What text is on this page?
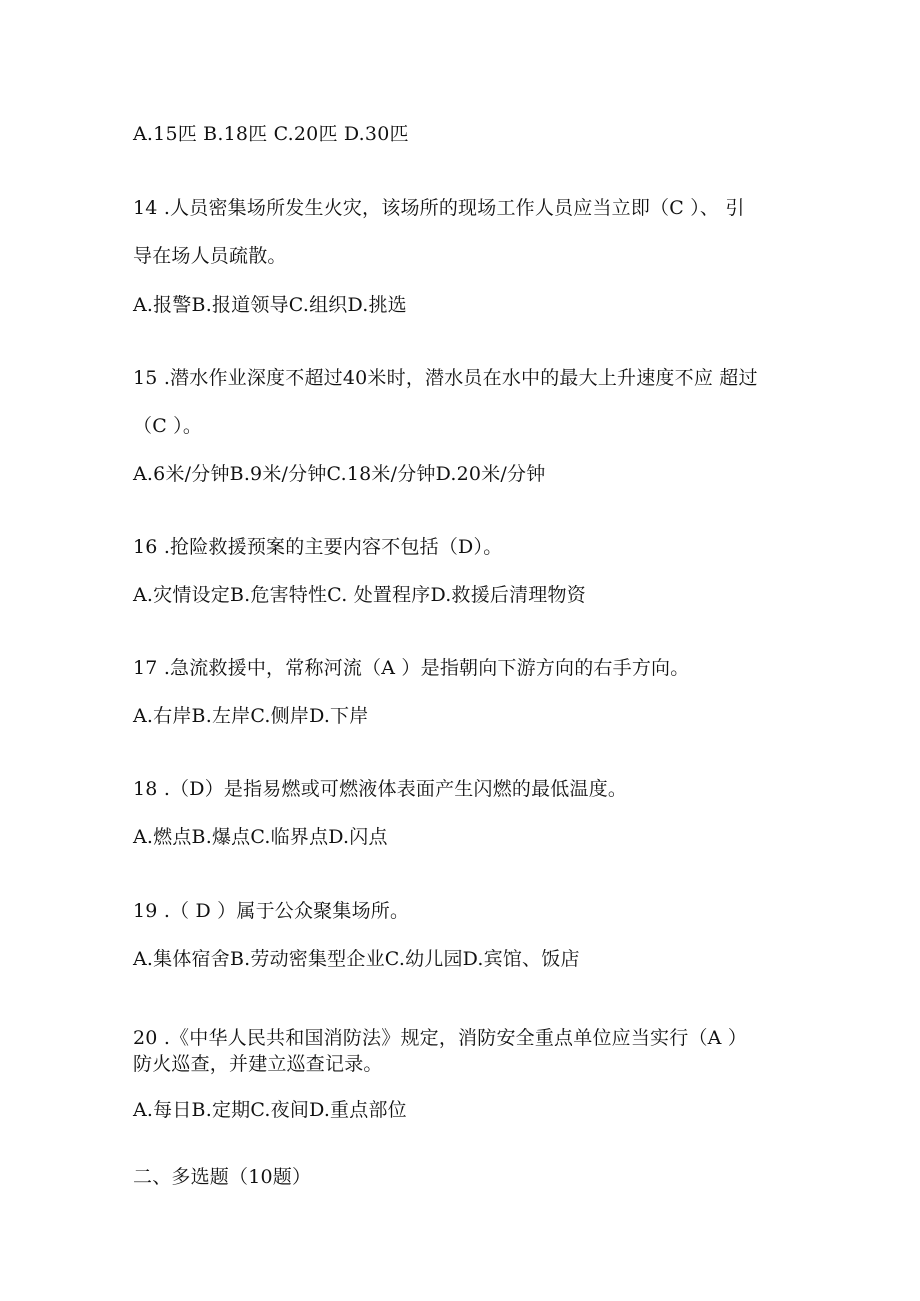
A.15匹 B.18匹 C.20匹 D.30匹
14 .人员密集场所发生火灾，该场所的现场工作人员应当立即（C ）、 引
导在场人员疏散。
A.报警B.报道领导C.组织D.挑选
15 .潜水作业深度不超过40米时，潜水员在水中的最大上升速度不应 超过
（C ）。
A.6米/分钟B.9米/分钟C.18米/分钟D.20米/分钟
16 .抢险救援预案的主要内容不包括（D）。
A.灾情设定B.危害特性C. 处置程序D.救援后清理物资
17 .急流救援中，常称河流（A ）是指朝向下游方向的右手方向。
A.右岸B.左岸C.侧岸D.下岸
18 .（D）是指易燃或可燃液体表面产生闪燃的最低温度。
A.燃点B.爆点C.临界点D.闪点
19 .（ D ）属于公众聚集场所。
A.集体宿舍B.劳动密集型企业C.幼儿园D.宾馆、饭店
20 .《中华人民共和国消防法》规定，消防安全重点单位应当实行（A ）
防火巡查，并建立巡查记录。
A.每日B.定期C.夜间D.重点部位
二、多选题（10题）
